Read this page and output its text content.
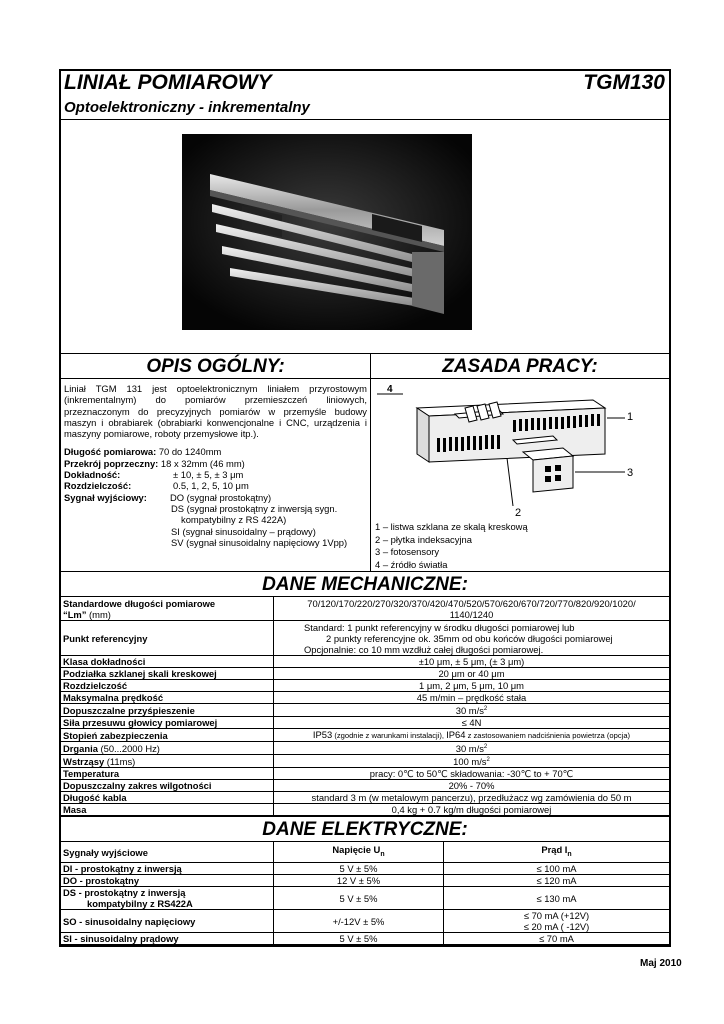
LINIAŁ POMIAROWY	TGM130
Optoelektroniczny - inkrementalny
OPIS OGÓLNY:
Liniał TGM 131 jest optoelektronicznym liniałem przyrostowym (inkrementalnym) do pomiarów przemieszczeń liniowych, przeznaczonym do precyzyjnych pomiarów w przemyśle budowy maszyn i obrabiarek (obrabiarki konwencjonalne i CNC, urządzenia i maszyny pomiarowe, roboty przemysłowe itp.).
Długość pomiarowa:
70 do 1240mm
Przekrój poprzeczny:
18 x 32mm (46 mm)
Dokładność:	± 10, ± 5, ± 3 μm
Rozdzielczość:	0.5, 1, 2, 5, 10 μm
Sygnał wyjściowy:	DO (sygnał prostokątny)
DS (sygnał prostokątny z inwersją sygn.
kompatybilny z RS 422A)
SI (sygnał sinusoidalny – prądowy)
SV (sygnał sinusoidalny napięciowy 1Vpp)
ZASADA PRACY:
4
1
3
2
1 – listwa szklana ze skalą kreskową
2 – płytka indeksacyjna
3 – fotosensory
4 – źródło światła
DANE MECHANICZNE:
Standardowe długości pomiarowe
“Lm” (mm)	70/120/170/220/270/320/370/420/470/520/570/620/670/720/770/820/920/1020/
1140/1240
Punkt referencyjny	Standard: 1 punkt referencyjny w środku długości pomiarowej lub
2 punkty referencyjne ok. 35mm od obu końców długości pomiarowej
Opcjonalnie: co 10 mm wzdłuż całej długości pomiarowej.

Klasa dokładności	±10 μm, ± 5 μm, (± 3 μm)
Podziałka szklanej skali kreskowej	20 μm or 40 μm
Rozdzielczość	1 μm, 2 μm, 5 μm, 10 μm
Maksymalna prędkość	45 m/min – prędkość stała
Dopuszczalne przyśpieszenie	30 $m/s^2$
Siła przesuwu głowicy pomiarowej	≤ 4N
Stopień zabezpieczenia	IP53 (zgodnie z warunkami instalacji), IP64 z zastosowaniem nadciśnienia powietrza (opcja)
Drgania (50...2000 Hz)	30 $m/s^2$
Wstrząsy (11ms)	100 $m/s^2$
Temperatura	pracy: 0℃ to 50℃ składowania: -30℃ to + 70℃
Dopuszczalny zakres wilgotności	20% - 70%
Długość kabla	standard 3 m (w metalowym pancerzu), przedłużacz wg zamówienia do 50 m
Masa	0,4 kg + 0.7 kg/m długości pomiarowej
DANE ELEKTRYCZNE:
Sygnały wyjściowe	Napięcie $U_n$	Prąd $I_n$
DI - prostokątny z inwersją	5 V ± 5%	≤ 100 mA
DO - prostokątny	12 V ± 5%	≤ 120 mA
DS - prostokątny z inwersją
kompatybilny z RS422A	5 V ± 5%	≤ 130 mA
SO - sinusoidalny napięciowy	+/-12V ± 5%	≤ 70 mA (+12V)
≤ 20 mA ( -12V)
SI - sinusoidalny prądowy	5 V ± 5%	≤ 70 mA
Maj 2010
